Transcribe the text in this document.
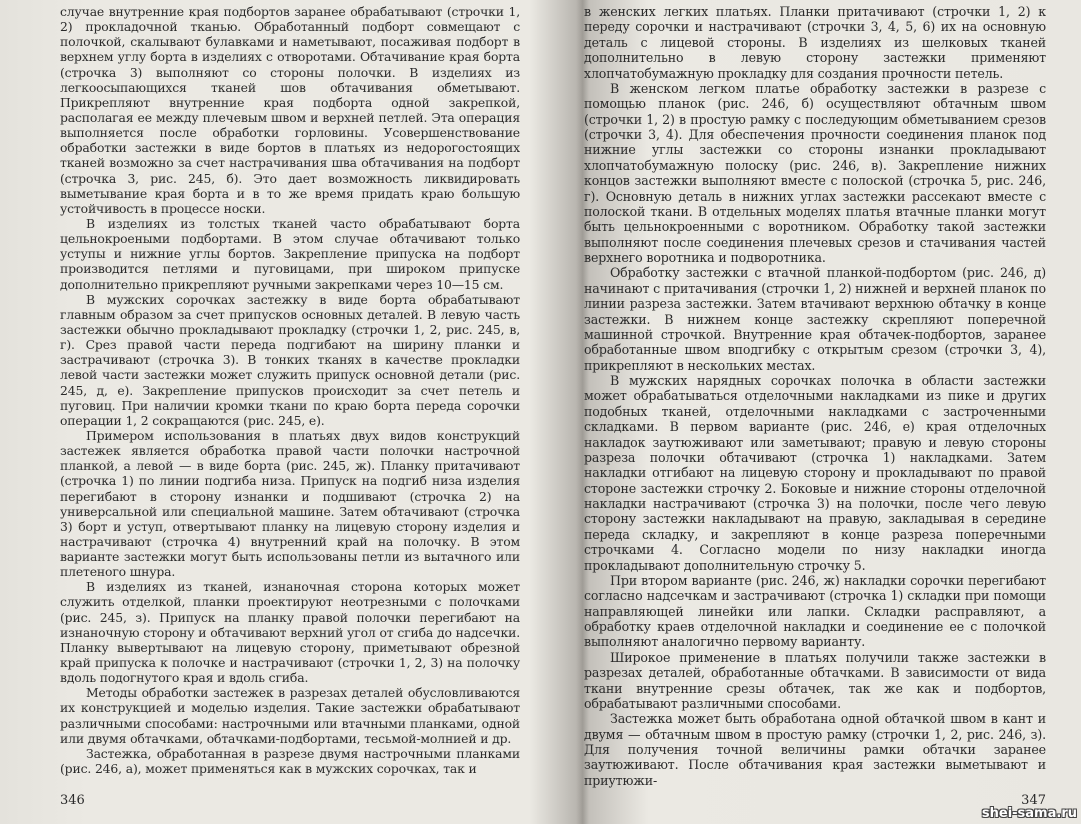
случае внутренние края подбортов заранее обрабатывают (строчки 1, 2) прокладочной тканью. Обработанный подборт совмещают с полочкой, скалывают булавками и наметывают, посаживая подборт в верхнем углу борта в изделиях с отворотами. Обтачивание края борта (строчка 3) выполняют со стороны полочки. В изделиях из легкоосыпающихся тканей шов обтачивания обметывают. Прикрепляют внутренние края подборта одной закрепкой, располагая ее между плечевым швом и верхней петлей. Эта операция выполняется после обработки горловины. Усовершенствование обработки застежки в виде бортов в платьях из недорогостоящих тканей возможно за счет настрачивания шва обтачивания на подборт (строчка 3, рис. 245, б). Это дает возможность ликвидировать выметывание края борта и в то же время придать краю большую устойчивость в процессе носки.

В изделиях из толстых тканей часто обрабатывают борта цельнокроеными подбортами. В этом случае обтачивают только уступы и нижние углы бортов. Закрепление припуска на подборт производится петлями и пуговицами, при широком припуске дополнительно прикрепляют ручными закрепками через 10—15 см.

В мужских сорочках застежку в виде борта обрабатывают главным образом за счет припусков основных деталей. В левую часть застежки обычно прокладывают прокладку (строчки 1, 2, рис. 245, в, г). Срез правой части переда подгибают на ширину планки и застрачивают (строчка 3). В тонких тканях в качестве прокладки левой части застежки может служить припуск основной детали (рис. 245, д, е). Закрепление припусков происходит за счет петель и пуговиц. При наличии кромки ткани по краю борта переда сорочки операции 1, 2 сокращаются (рис. 245, е).

Примером использования в платьях двух видов конструкций застежек является обработка правой части полочки настрочной планкой, а левой — в виде борта (рис. 245, ж). Планку притачивают (строчка 1) по линии подгиба низа. Припуск на подгиб низа изделия перегибают в сторону изнанки и подшивают (строчка 2) на универсальной или специальной машине. Затем обтачивают (строчка 3) борт и уступ, отвертывают планку на лицевую сторону изделия и настрачивают (строчка 4) внутренний край на полочку. В этом варианте застежки могут быть использованы петли из вытачного или плетеного шнура.

В изделиях из тканей, изнаночная сторона которых может служить отделкой, планки проектируют неотрезными с полочками (рис. 245, з). Припуск на планку правой полочки перегибают на изнаночную сторону и обтачивают верхний угол от сгиба до надсечки. Планку вывертывают на лицевую сторону, приметывают обрезной край припуска к полочке и настрачивают (строчки 1, 2, 3) на полочку вдоль подогнутого края и вдоль сгиба.

Методы обработки застежек в разрезах деталей обусловливаются их конструкцией и моделью изделия. Такие застежки обрабатывают различными способами: настрочными или втачными планками, одной или двумя обтачками, обтачками-подбортами, тесьмой-молнией и др.

Застежка, обработанная в разрезе двумя настрочными планками (рис. 246, а), может применяться как в мужских сорочках, так и

346

в женских легких платьях. Планки притачивают (строчки 1, 2) к переду сорочки и настрачивают (строчки 3, 4, 5, 6) их на основную деталь с лицевой стороны. В изделиях из шелковых тканей дополнительно в левую сторону застежки применяют хлопчатобумажную прокладку для создания прочности петель.

В женском легком платье обработку застежки в разрезе с помощью планок (рис. 246, б) осуществляют обтачным швом (строчки 1, 2) в простую рамку с последующим обметыванием срезов (строчки 3, 4). Для обеспечения прочности соединения планок под нижние углы застежки со стороны изнанки прокладывают хлопчатобумажную полоску (рис. 246, в). Закрепление нижних концов застежки выполняют вместе с полоской (строчка 5, рис. 246, г). Основную деталь в нижних углах застежки рассекают вместе с полоской ткани. В отдельных моделях платья втачные планки могут быть цельнокроенными с воротником. Обработку такой застежки выполняют после соединения плечевых срезов и стачивания частей верхнего воротника и подворотника.

Обработку застежки с втачной планкой-подбортом (рис. 246, д) начинают с притачивания (строчки 1, 2) нижней и верхней планок по линии разреза застежки. Затем втачивают верхнюю обтачку в конце застежки. В нижнем конце застежку скрепляют поперечной машинной строчкой. Внутренние края обтачек-подбортов, заранее обработанные швом вподгибку с открытым срезом (строчки 3, 4), прикрепляют в нескольких местах.

В мужских нарядных сорочках полочка в области застежки может обрабатываться отделочными накладками из пике и других подобных тканей, отделочными накладками с застроченными складками. В первом варианте (рис. 246, е) края отделочных накладок заутюживают или заметывают; правую и левую стороны разреза полочки обтачивают (строчка 1) накладками. Затем накладки отгибают на лицевую сторону и прокладывают по правой стороне застежки строчку 2. Боковые и нижние стороны отделочной накладки настрачивают (строчка 3) на полочки, после чего левую сторону застежки накладывают на правую, закладывая в середине переда складку, и закрепляют в конце разреза поперечными строчками 4. Согласно модели по низу накладки иногда прокладывают дополнительную строчку 5.

При втором варианте (рис. 246, ж) накладки сорочки перегибают согласно надсечкам и застрачивают (строчка 1) складки при помощи направляющей линейки или лапки. Складки расправляют, а обработку краев отделочной накладки и соединение ее с полочкой выполняют аналогично первому варианту.

Широкое применение в платьях получили также застежки в разрезах деталей, обработанные обтачками. В зависимости от вида ткани внутренние срезы обтачек, так же как и подбортов, обрабатывают различными способами.

Застежка может быть обработана одной обтачкой швом в кант и двумя — обтачным швом в простую рамку (строчки 1, 2, рис. 246, з). Для получения точной величины рамки обтачки заранее заутюживают. После обтачивания края застежки выметывают и приутюжи-

347
shei-sama.ru
